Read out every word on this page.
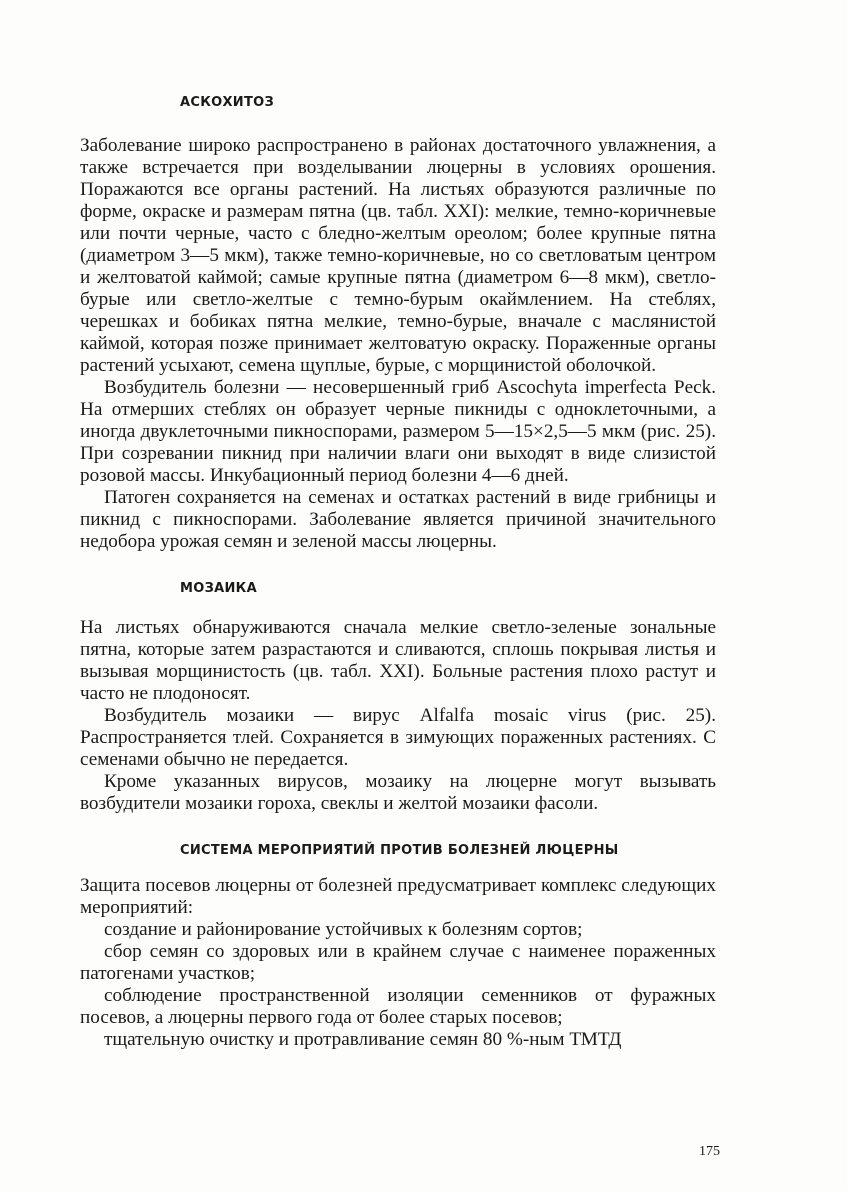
АСКОХИТОЗ

Заболевание широко распространено в районах достаточного увлажнения, а также встречается при возделывании люцерны в условиях орошения. Поражаются все органы растений. На листьях образуются различные по форме, окраске и размерам пятна (цв. табл. XXI): мелкие, темно-коричневые или почти черные, часто с бледно-желтым ореолом; более крупные пятна (диаметром 3—5 мкм), также темно-коричневые, но со светловатым центром и желтоватой каймой; самые крупные пятна (диаметром 6—8 мкм), светло-бурые или светло-желтые с темно-бурым окаймлением. На стеблях, черешках и бобиках пятна мелкие, темно-бурые, вначале с маслянистой каймой, которая позже принимает желтоватую окраску. Пораженные органы растений усыхают, семена щуплые, бурые, с морщинистой оболочкой.

Возбудитель болезни — несовершенный гриб Ascochyta imperfecta Peck. На отмерших стеблях он образует черные пикниды с одноклеточными, а иногда двуклеточными пикноспорами, размером 5—15×2,5—5 мкм (рис. 25). При созревании пикнид при наличии влаги они выходят в виде слизистой розовой массы. Инкубационный период болезни 4—6 дней.

Патоген сохраняется на семенах и остатках растений в виде грибницы и пикнид с пикноспорами. Заболевание является причиной значительного недобора урожая семян и зеленой массы люцерны.

МОЗАИКА

На листьях обнаруживаются сначала мелкие светло-зеленые зональные пятна, которые затем разрастаются и сливаются, сплошь покрывая листья и вызывая морщинистость (цв. табл. XXI). Больные растения плохо растут и часто не плодоносят.

Возбудитель мозаики — вирус Alfalfa mosaic virus (рис. 25). Распространяется тлей. Сохраняется в зимующих пораженных растениях. С семенами обычно не передается.

Кроме указанных вирусов, мозаику на люцерне могут вызывать возбудители мозаики гороха, свеклы и желтой мозаики фасоли.

СИСТЕМА МЕРОПРИЯТИЙ ПРОТИВ БОЛЕЗНЕЙ ЛЮЦЕРНЫ

Защита посевов люцерны от болезней предусматривает комплекс следующих мероприятий:

создание и районирование устойчивых к болезням сортов;

сбор семян со здоровых или в крайнем случае с наименее пораженных патогенами участков;

соблюдение пространственной изоляции семенников от фуражных посевов, а люцерны первого года от более старых посевов;

тщательную очистку и протравливание семян 80 %-ным ТМТД

175
